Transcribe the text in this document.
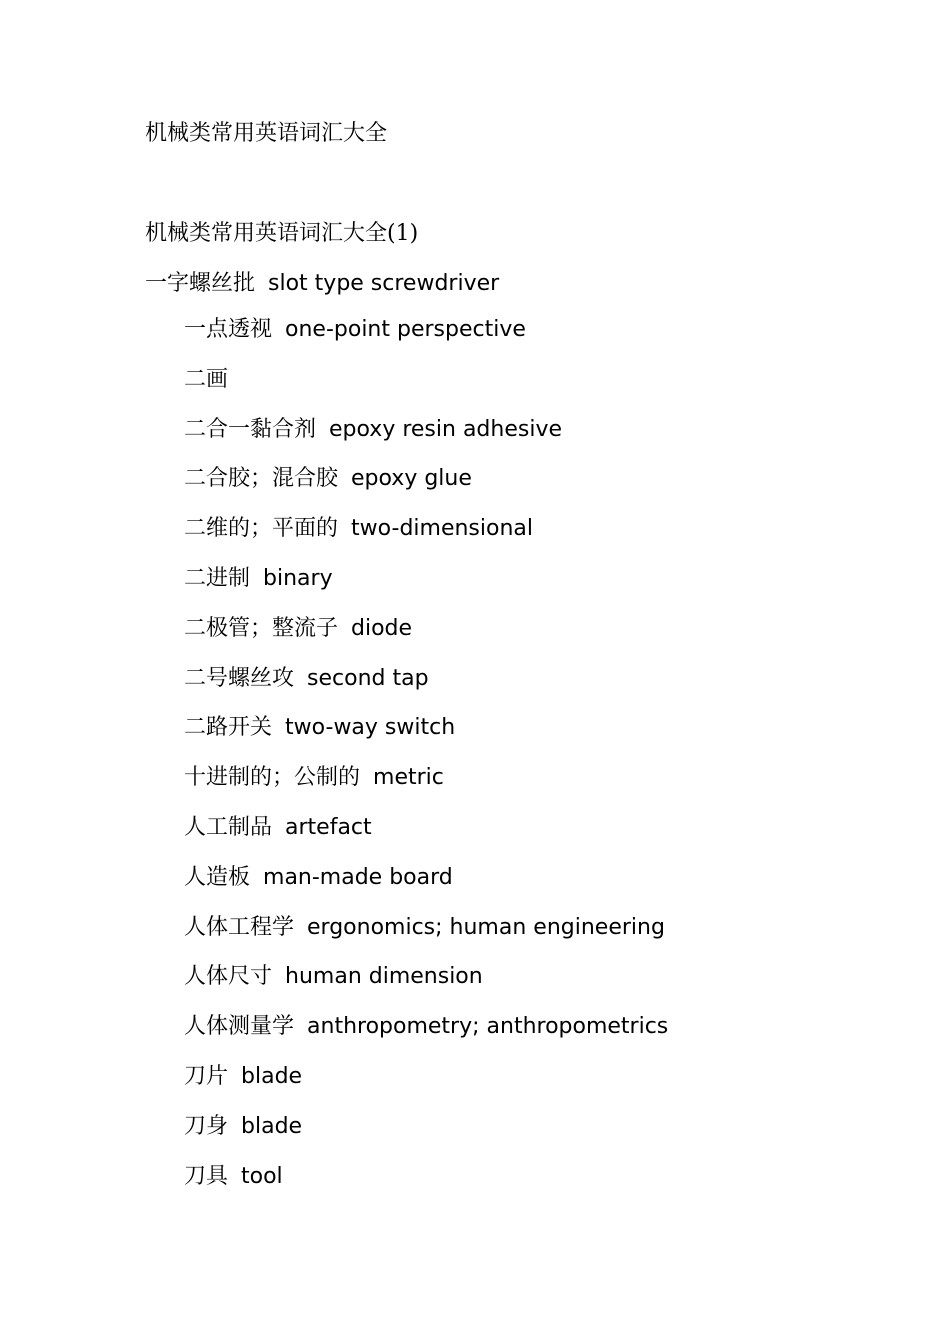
机械类常用英语词汇大全
机械类常用英语词汇大全(1)
一字螺丝批 slot type screwdriver
一点透视 one-point perspective
二画
二合一黏合剂 epoxy resin adhesive
二合胶；混合胶 epoxy glue
二维的；平面的 two-dimensional
二进制 binary
二极管；整流子 diode
二号螺丝攻 second tap
二路开关 two-way switch
十进制的；公制的 metric
人工制品 artefact
人造板 man-made board
人体工程学 ergonomics; human engineering
人体尺寸 human dimension
人体测量学 anthropometry; anthropometrics
刀片 blade
刀身 blade
刀具 tool
